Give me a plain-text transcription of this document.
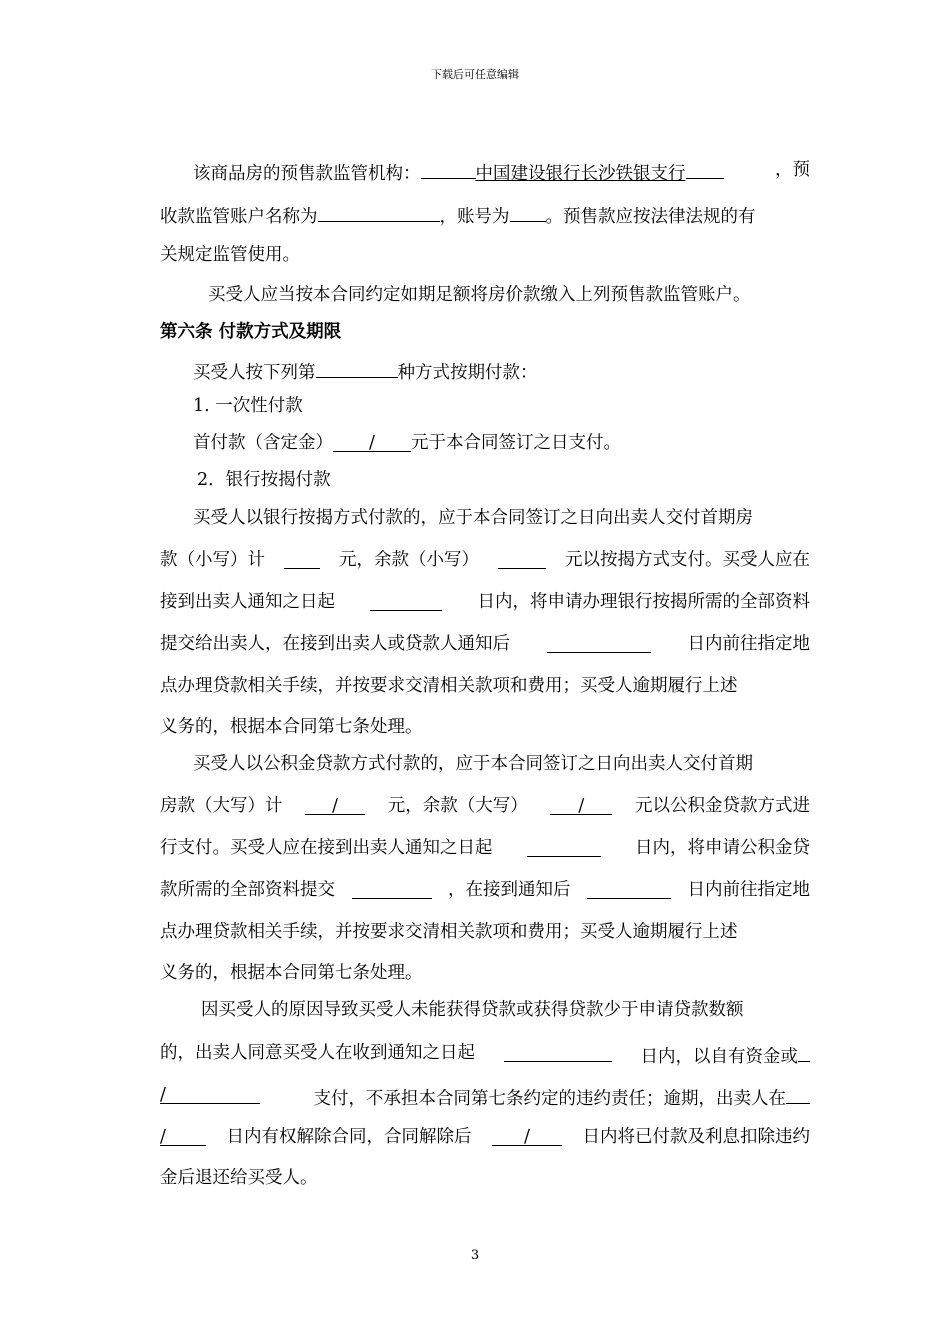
下载后可任意编辑
该商品房的预售款监管机构：	中国建设银行长沙铁银支行	，预
收款监管账户名称为	，账号为 。预售款应按法律法规的有
关规定监管使用。
买受人应当按本合同约定如期足额将房价款缴入上列预售款监管账户。
第六条 付款方式及期限
买受人按下列第	种方式按期付款：
1. 一次性付款
首付款（含定金） / 元于本合同签订之日支付。
2．银行按揭付款
买受人以银行按揭方式付款的，应于本合同签订之日向出卖人交付首期房
款（小写）计	元，余款（小写）	元以按揭方式支付。买受人应在
接到出卖人通知之日起	日内，将申请办理银行按揭所需的全部资料
提交给出卖人，在接到出卖人或贷款人通知后	日内前往指定地
点办理贷款相关手续，并按要求交清相关款项和费用；买受人逾期履行上述
义务的，根据本合同第七条处理。
买受人以公积金贷款方式付款的，应于本合同签订之日向出卖人交付首期
房款（大写）计	/	元，余款（大写）	/	元以公积金贷款方式进
行支付。买受人应在接到出卖人通知之日起	日内，将申请公积金贷
款所需的全部资料提交	，在接到通知后	日内前往指定地
点办理贷款相关手续，并按要求交清相关款项和费用；买受人逾期履行上述
义务的，根据本合同第七条处理。
因买受人的原因导致买受人未能获得贷款或获得贷款少于申请贷款数额
的，出卖人同意买受人在收到通知之日起	日内，以自有资金或
/	支付，不承担本合同第七条约定的违约责任；逾期，出卖人在
/	日内有权解除合同，合同解除后	/	日内将已付款及利息扣除违约
金后退还给买受人。
3
